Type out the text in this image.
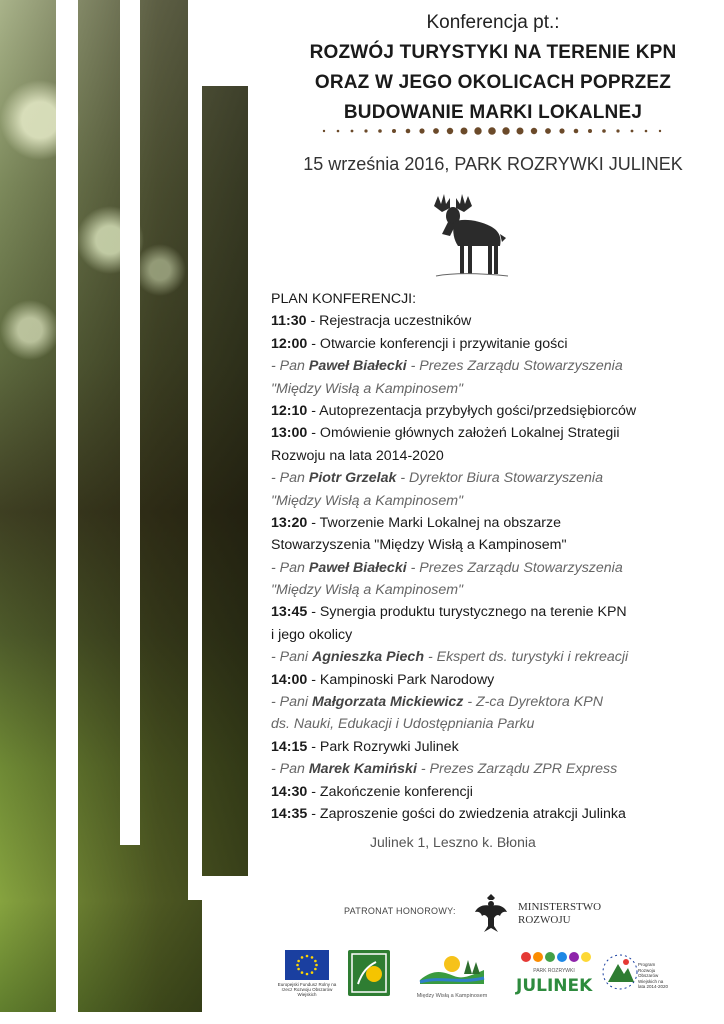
Konferencja pt.:
ROZWÓJ TURYSTYKI NA TERENIE KPN
ORAZ W JEGO OKOLICACH POPRZEZ
BUDOWANIE MARKI LOKALNEJ
15 września 2016, PARK ROZRYWKI JULINEK
PLAN KONFERENCJI:
11:30 - Rejestracja uczestników
12:00 - Otwarcie konferencji i przywitanie gości
- Pan Paweł Białecki - Prezes Zarządu Stowarzyszenia
"Między Wisłą a Kampinosem"
12:10 - Autoprezentacja przybyłych gości/przedsiębiorców
13:00 - Omówienie głównych założeń Lokalnej Strategii
Rozwoju na lata 2014-2020
- Pan Piotr Grzelak - Dyrektor Biura Stowarzyszenia
"Między Wisłą a Kampinosem"
13:20 - Tworzenie Marki Lokalnej na obszarze
Stowarzyszenia "Między Wisłą a Kampinosem"
- Pan Paweł Białecki - Prezes Zarządu Stowarzyszenia
"Między Wisłą a Kampinosem"
13:45 - Synergia produktu turystycznego na terenie KPN
i jego okolicy
- Pani Agnieszka Piech - Ekspert ds. turystyki i rekreacji
14:00 - Kampinoski Park Narodowy
- Pani Małgorzata Mickiewicz - Z-ca Dyrektora KPN
ds. Nauki, Edukacji i Udostępniania Parku
14:15 - Park Rozrywki Julinek
- Pan Marek Kamiński - Prezes Zarządu ZPR Express
14:30 - Zakończenie konferencji
14:35 - Zaproszenie gości do zwiedzenia atrakcji Julinka
Julinek 1, Leszno k. Błonia
PATRONAT HONOROWY:	MINISTERSTWO
ROZWOJU
Europejski Fundusz Rolny na rzecz Rozwoju Obszarów Wiejskich	Między Wisłą a Kampinosem
PARK ROZRYWKI
JULINEK
Program Rozwoju Obszarów Wiejskich na lata 2014-2020
